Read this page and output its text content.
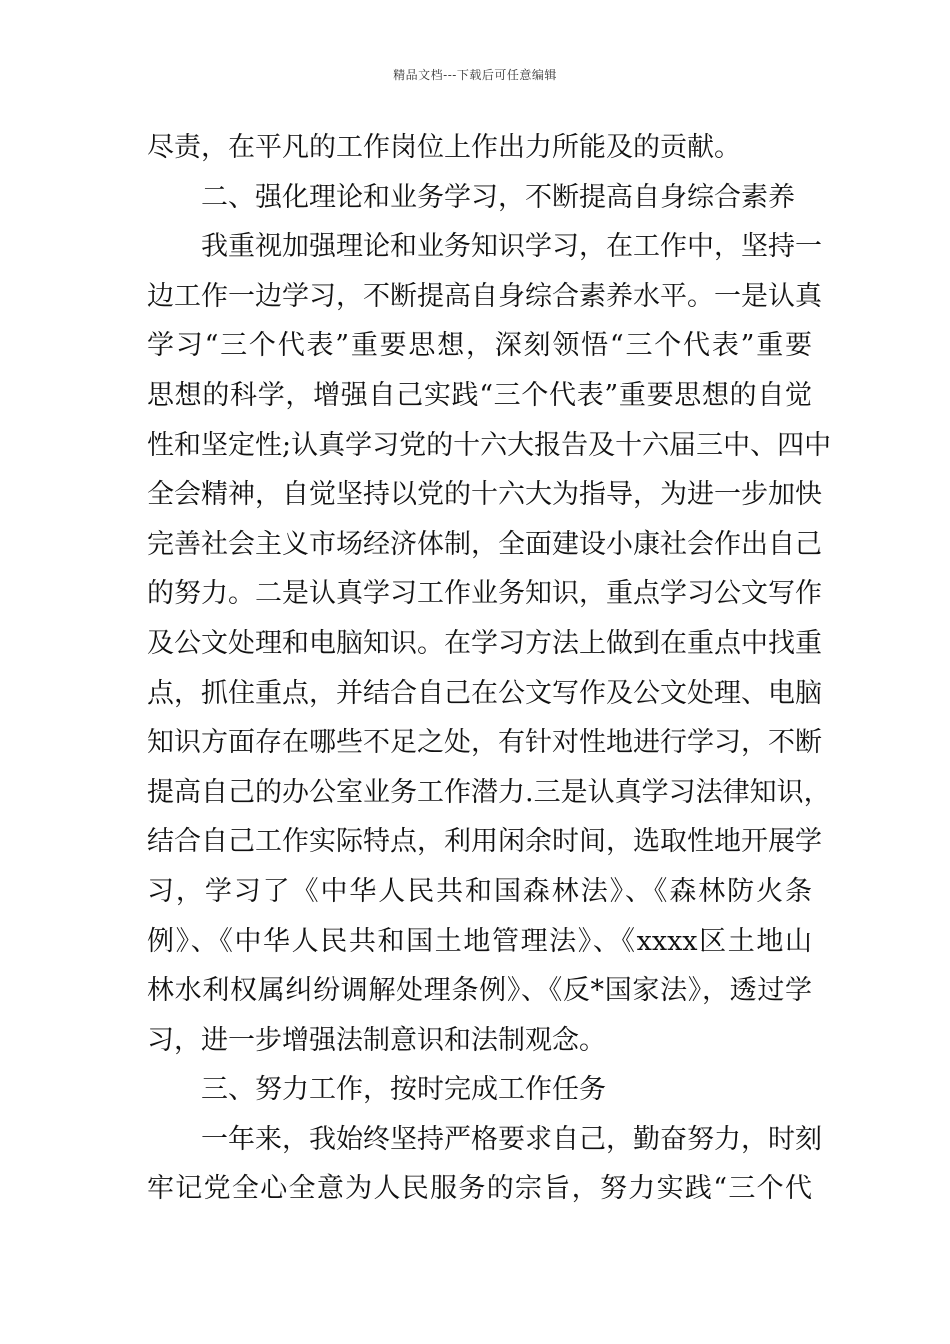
精品文档---下载后可任意编辑
尽责，在平凡的工作岗位上作出力所能及的贡献。
二、强化理论和业务学习，不断提高自身综合素养
我重视加强理论和业务知识学习，在工作中，坚持一
边工作一边学习，不断提高自身综合素养水平。一是认真
学习“三个代表”重要思想，深刻领悟“三个代表”重要
思想的科学，增强自己实践“三个代表”重要思想的自觉
性和坚定性;认真学习党的十六大报告及十六届三中、四中
全会精神，自觉坚持以党的十六大为指导，为进一步加快
完善社会主义市场经济体制，全面建设小康社会作出自己
的努力。二是认真学习工作业务知识，重点学习公文写作
及公文处理和电脑知识。在学习方法上做到在重点中找重
点，抓住重点，并结合自己在公文写作及公文处理、电脑
知识方面存在哪些不足之处，有针对性地进行学习，不断
提高自己的办公室业务工作潜力.三是认真学习法律知识，
结合自己工作实际特点，利用闲余时间，选取性地开展学
习，学习了《中华人民共和国森林法》、《森林防火条
例》、《中华人民共和国土地管理法》、《xxxx区土地山
林水利权属纠纷调解处理条例》、《反*国家法》，透过学
习，进一步增强法制意识和法制观念。
三、努力工作，按时完成工作任务
一年来，我始终坚持严格要求自己，勤奋努力，时刻
牢记党全心全意为人民服务的宗旨，努力实践“三个代
